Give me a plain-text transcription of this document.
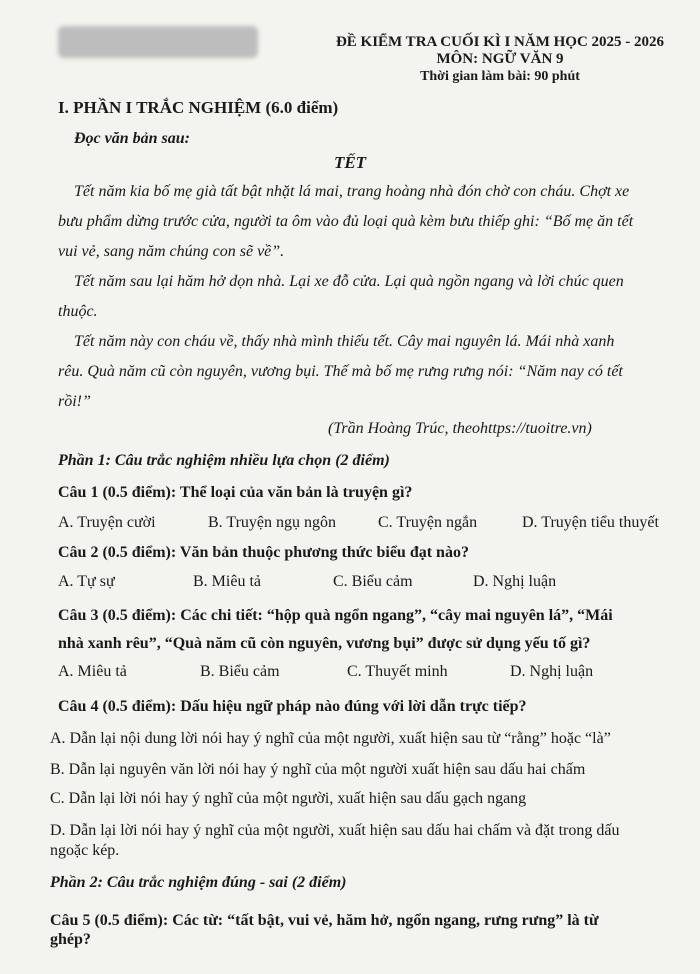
ĐỀ KIỂM TRA CUỐI KÌ I NĂM HỌC 2025 - 2026
MÔN: NGỮ VĂN 9
Thời gian làm bài: 90 phút
I. PHẦN I TRẮC NGHIỆM (6.0 điểm)
Đọc văn bản sau:
TẾT
Tết năm kia bố mẹ già tất bật nhặt lá mai, trang hoàng nhà đón chờ con cháu. Chợt xe
bưu phẩm dừng trước cửa, người ta ôm vào đủ loại quà kèm bưu thiếp ghi: “Bố mẹ ăn tết
vui vẻ, sang năm chúng con sẽ về”.
Tết năm sau lại hăm hở dọn nhà. Lại xe đỗ cửa. Lại quà ngồn ngang và lời chúc quen
thuộc.
Tết năm này con cháu về, thấy nhà mình thiếu tết. Cây mai nguyên lá. Mái nhà xanh
rêu. Quà năm cũ còn nguyên, vương bụi. Thế mà bố mẹ rưng rưng nói: “Năm nay có tết
rồi!”
(Trần Hoàng Trúc, theohttps://tuoitre.vn)
Phần 1: Câu trắc nghiệm nhiều lựa chọn (2 điểm)
Câu 1 (0.5 điểm): Thể loại của văn bản là truyện gì?
A. Truyện cười	B. Truyện ngụ ngôn	C. Truyện ngắn	D. Truyện tiểu thuyết
Câu 2 (0.5 điểm): Văn bản thuộc phương thức biểu đạt nào?
A. Tự sự	B. Miêu tả	C. Biểu cảm	D. Nghị luận
Câu 3 (0.5 điểm): Các chi tiết: “hộp quà ngổn ngang”, “cây mai nguyên lá”, “Mái
nhà xanh rêu”, “Quà năm cũ còn nguyên, vương bụi” được sử dụng yếu tố gì?
A. Miêu tả	B. Biểu cảm	C. Thuyết minh	D. Nghị luận
Câu 4 (0.5 điểm): Dấu hiệu ngữ pháp nào đúng với lời dẫn trực tiếp?
A. Dẫn lại nội dung lời nói hay ý nghĩ của một người, xuất hiện sau từ “rằng” hoặc “là”
B. Dẫn lại nguyên văn lời nói hay ý nghĩ của một người xuất hiện sau dấu hai chấm
C. Dẫn lại lời nói hay ý nghĩ của một người, xuất hiện sau dấu gạch ngang
D. Dẫn lại lời nói hay ý nghĩ của một người, xuất hiện sau dấu hai chấm và đặt trong dấu
ngoặc kép.
Phần 2: Câu trắc nghiệm đúng - sai (2 điểm)
Câu 5 (0.5 điểm): Các từ: “tất bật, vui vẻ, hăm hở, ngổn ngang, rưng rưng” là từ
ghép?
